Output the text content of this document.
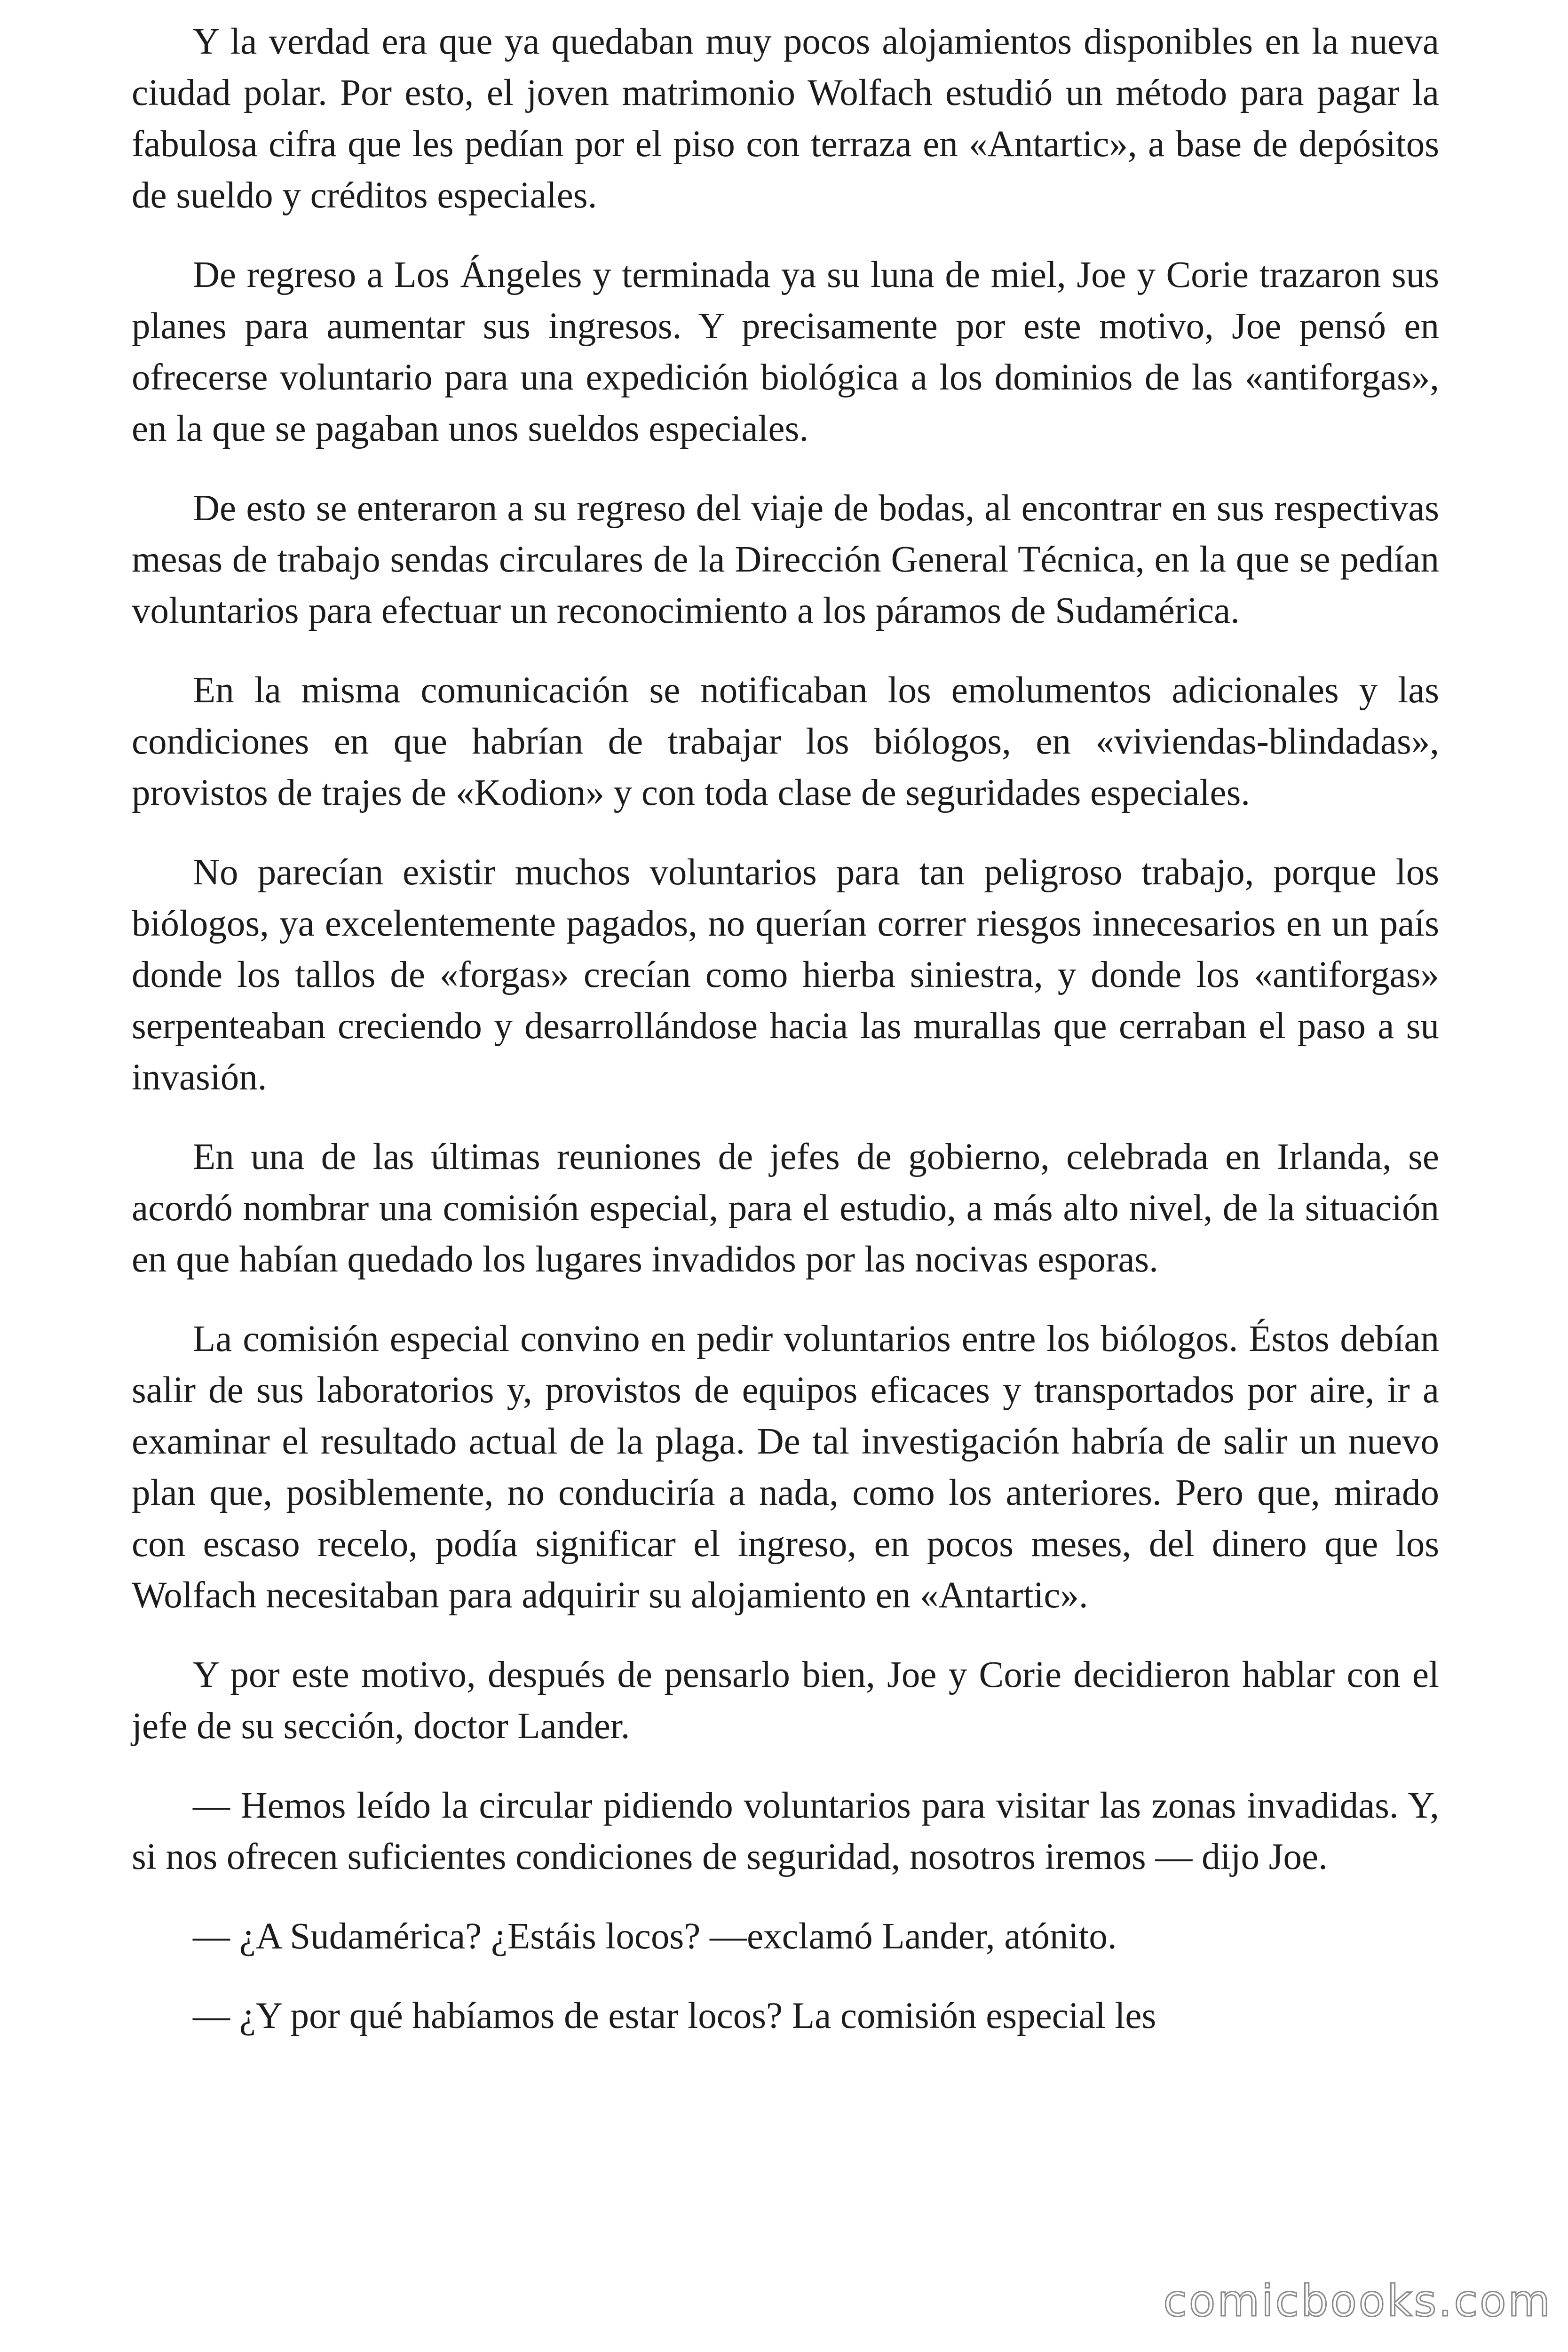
Y la verdad era que ya quedaban muy pocos alojamientos disponibles en la nueva ciudad polar. Por esto, el joven matrimonio Wolfach estudió un método para pagar la fabulosa cifra que les pedían por el piso con terraza en «Antartic», a base de depósitos de sueldo y créditos especiales.

De regreso a Los Ángeles y terminada ya su luna de miel, Joe y Corie trazaron sus planes para aumentar sus ingresos. Y precisamente por este motivo, Joe pensó en ofrecerse voluntario para una expedición biológica a los dominios de las «antiforgas», en la que se pagaban unos sueldos especiales.

De esto se enteraron a su regreso del viaje de bodas, al encontrar en sus respectivas mesas de trabajo sendas circulares de la Dirección General Técnica, en la que se pedían voluntarios para efectuar un reconocimiento a los páramos de Sudamérica.

En la misma comunicación se notificaban los emolumentos adicionales y las condiciones en que habrían de trabajar los biólogos, en «viviendas-blindadas», provistos de trajes de «Kodion» y con toda clase de seguridades especiales.

No parecían existir muchos voluntarios para tan peligroso trabajo, porque los biólogos, ya excelentemente pagados, no querían correr riesgos innecesarios en un país donde los tallos de «forgas» crecían como hierba siniestra, y donde los «antiforgas» serpenteaban creciendo y desarrollándose hacia las murallas que cerraban el paso a su invasión.

En una de las últimas reuniones de jefes de gobierno, celebrada en Irlanda, se acordó nombrar una comisión especial, para el estudio, a más alto nivel, de la situación en que habían quedado los lugares invadidos por las nocivas esporas.

La comisión especial convino en pedir voluntarios entre los biólogos. Éstos debían salir de sus laboratorios y, provistos de equipos eficaces y transportados por aire, ir a examinar el resultado actual de la plaga. De tal investigación habría de salir un nuevo plan que, posiblemente, no conduciría a nada, como los anteriores. Pero que, mirado con escaso recelo, podía significar el ingreso, en pocos meses, del dinero que los Wolfach necesitaban para adquirir su alojamiento en «Antartic».

Y por este motivo, después de pensarlo bien, Joe y Corie decidieron hablar con el jefe de su sección, doctor Lander.

— Hemos leído la circular pidiendo voluntarios para visitar las zonas invadidas. Y, si nos ofrecen suficientes condiciones de seguridad, nosotros iremos — dijo Joe.

— ¿A Sudamérica? ¿Estáis locos? —exclamó Lander, atónito.

— ¿Y por qué habíamos de estar locos? La comisión especial les

comicbooks.com
